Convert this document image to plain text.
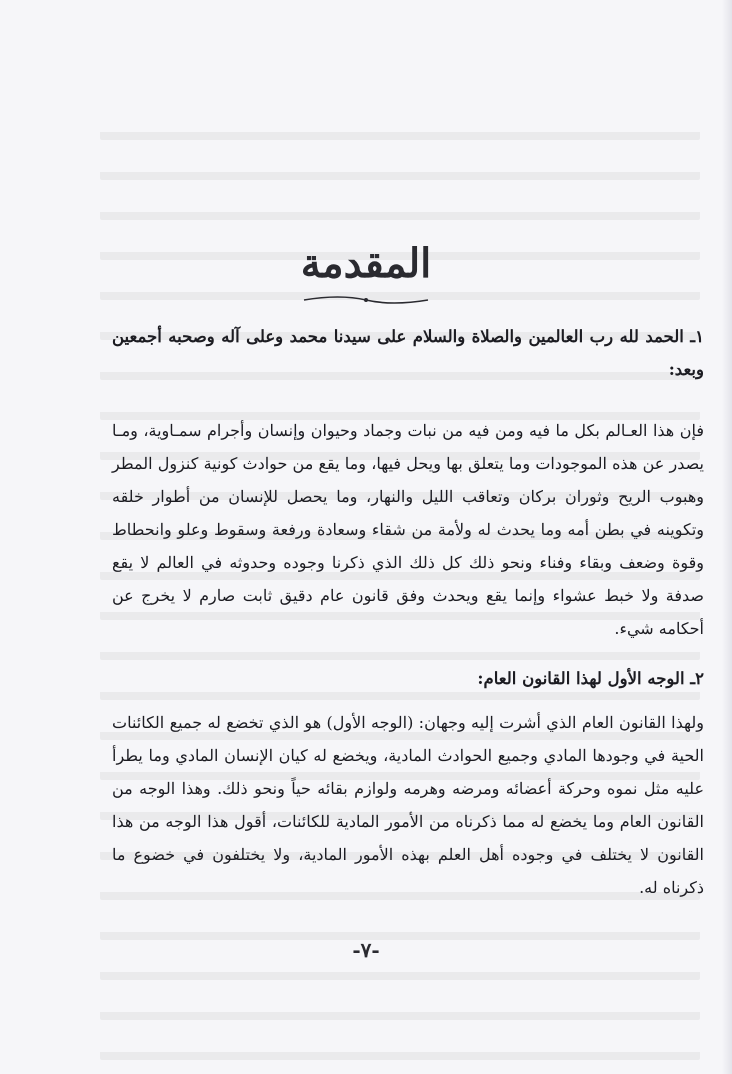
المقدمة

١ـ الحمد لله رب العالمين والصلاة والسلام على سيدنا محمد وعلى آله وصحبه أجمعين وبعد:

فإن هذا العـالم بكل ما فيه ومن فيه من نبات وجماد وحيوان وإنسان وأجرام سمـاوية، ومـا يصدر عن هذه الموجودات وما يتعلق بها ويحل فيها، وما يقع من حوادث كونية كنزول المطر وهبوب الريح وثوران بركان وتعاقب الليل والنهار، وما يحصل للإنسان من أطوار خلقه وتكوينه في بطن أمه وما يحدث له ولأمة من شقاء وسعادة ورفعة وسقوط وعلو وانحطاط وقوة وضعف وبقاء وفناء ونحو ذلك كل ذلك الذي ذكرنا وجوده وحدوثه في العالم لا يقع صدفة ولا خبط عشواء وإنما يقع ويحدث وفق قانون عام دقيق ثابت صارم لا يخرج عن أحكامه شيء.

٢ـ الوجه الأول لهذا القانون العام:

ولهذا القانون العام الذي أشرت إليه وجهان: (الوجه الأول) هو الذي تخضع له جميع الكائنات الحية في وجودها المادي وجميع الحوادث المادية، ويخضع له كيان الإنسان المادي وما يطرأ عليه مثل نموه وحركة أعضائه ومرضه وهرمه ولوازم بقائه حياً ونحو ذلك. وهذا الوجه من القانون العام وما يخضع له مما ذكرناه من الأمور المادية للكائنات، أقول هذا الوجه من هذا القانون لا يختلف في وجوده أهل العلم بهذه الأمور المادية، ولا يختلفون في خضوع ما ذكرناه له.

-٧-
